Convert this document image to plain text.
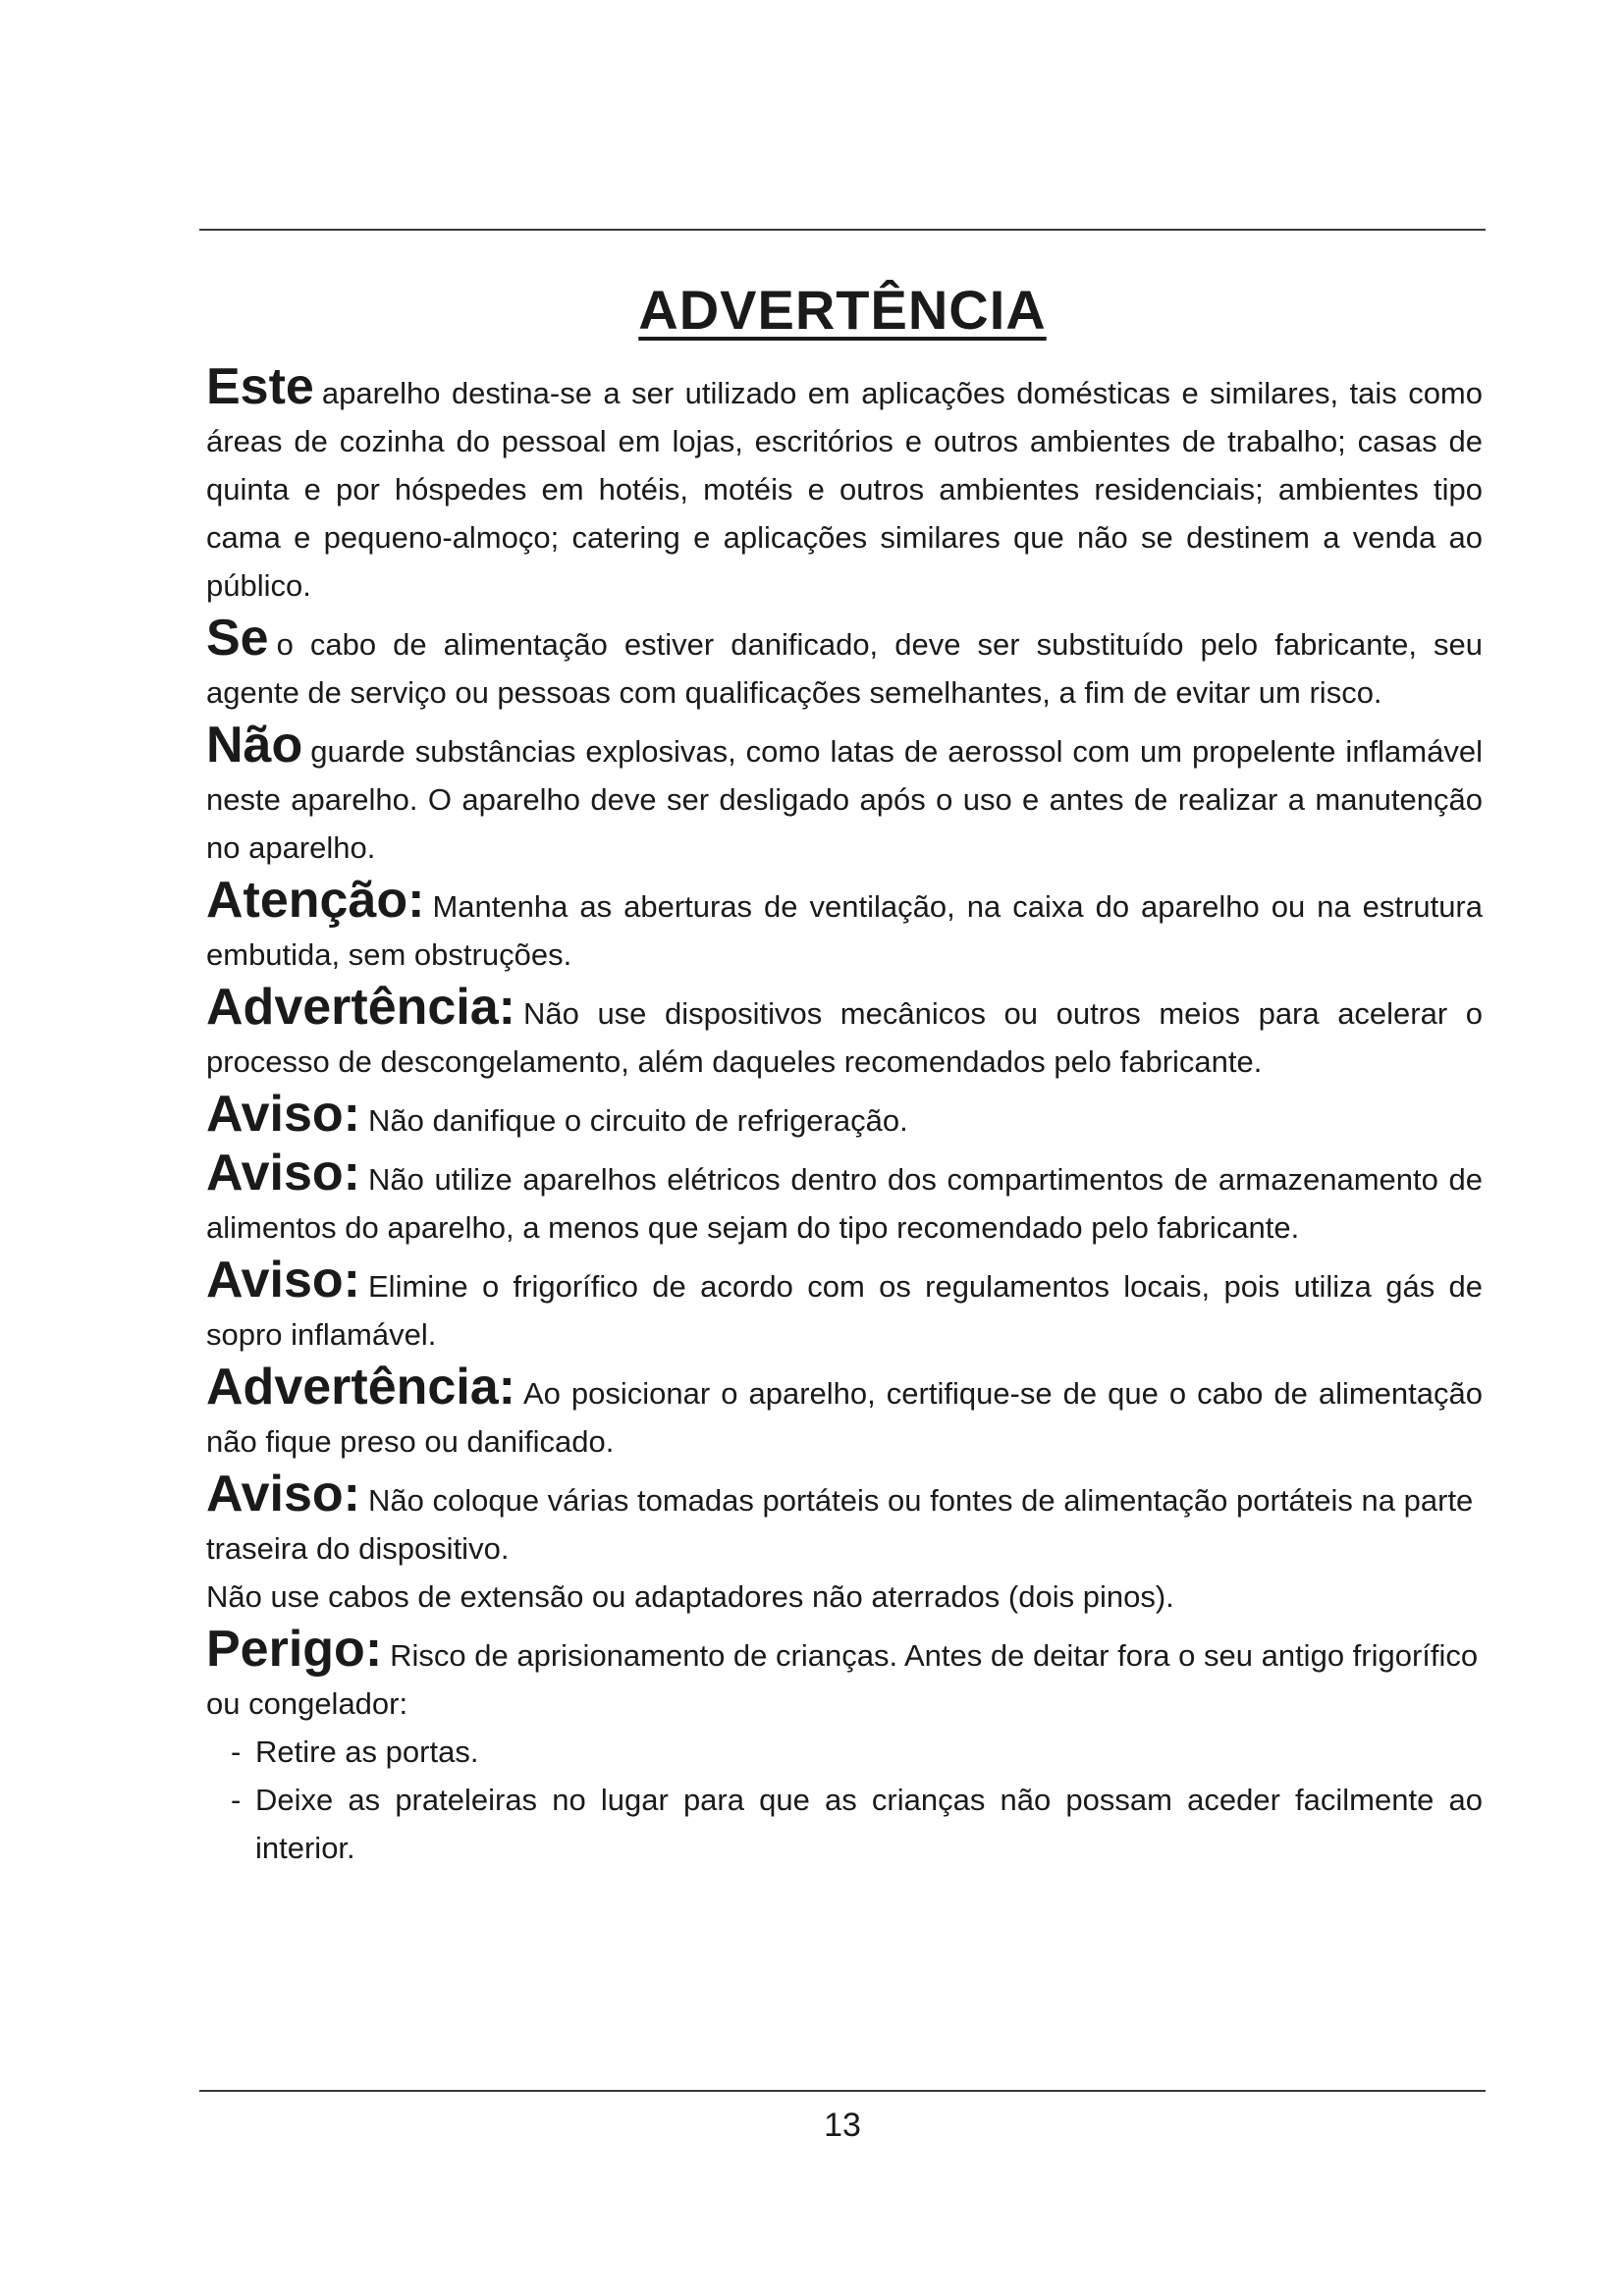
ADVERTÊNCIA

Este aparelho destina-se a ser utilizado em aplicações domésticas e similares, tais como áreas de cozinha do pessoal em lojas, escritórios e outros ambientes de trabalho; casas de quinta e por hóspedes em hotéis, motéis e outros ambientes residenciais; ambientes tipo cama e pequeno-almoço; catering e aplicações similares que não se destinem a venda ao público.

Se o cabo de alimentação estiver danificado, deve ser substituído pelo fabricante, seu agente de serviço ou pessoas com qualificações semelhantes, a fim de evitar um risco.

Não guarde substâncias explosivas, como latas de aerossol com um propelente inflamável neste aparelho. O aparelho deve ser desligado após o uso e antes de realizar a manutenção no aparelho.

Atenção: Mantenha as aberturas de ventilação, na caixa do aparelho ou na estrutura embutida, sem obstruções.

Advertência: Não use dispositivos mecânicos ou outros meios para acelerar o processo de descongelamento, além daqueles recomendados pelo fabricante.

Aviso: Não danifique o circuito de refrigeração.

Aviso: Não utilize aparelhos elétricos dentro dos compartimentos de armazenamento de alimentos do aparelho, a menos que sejam do tipo recomendado pelo fabricante.

Aviso: Elimine o frigorífico de acordo com os regulamentos locais, pois utiliza gás de sopro inflamável.

Advertência: Ao posicionar o aparelho, certifique-se de que o cabo de alimentação não fique preso ou danificado.

Aviso: Não coloque várias tomadas portáteis ou fontes de alimentação portáteis na parte traseira do dispositivo.
Não use cabos de extensão ou adaptadores não aterrados (dois pinos).

Perigo: Risco de aprisionamento de crianças. Antes de deitar fora o seu antigo frigorífico ou congelador:
- Retire as portas.
- Deixe as prateleiras no lugar para que as crianças não possam aceder facilmente ao interior.
13
